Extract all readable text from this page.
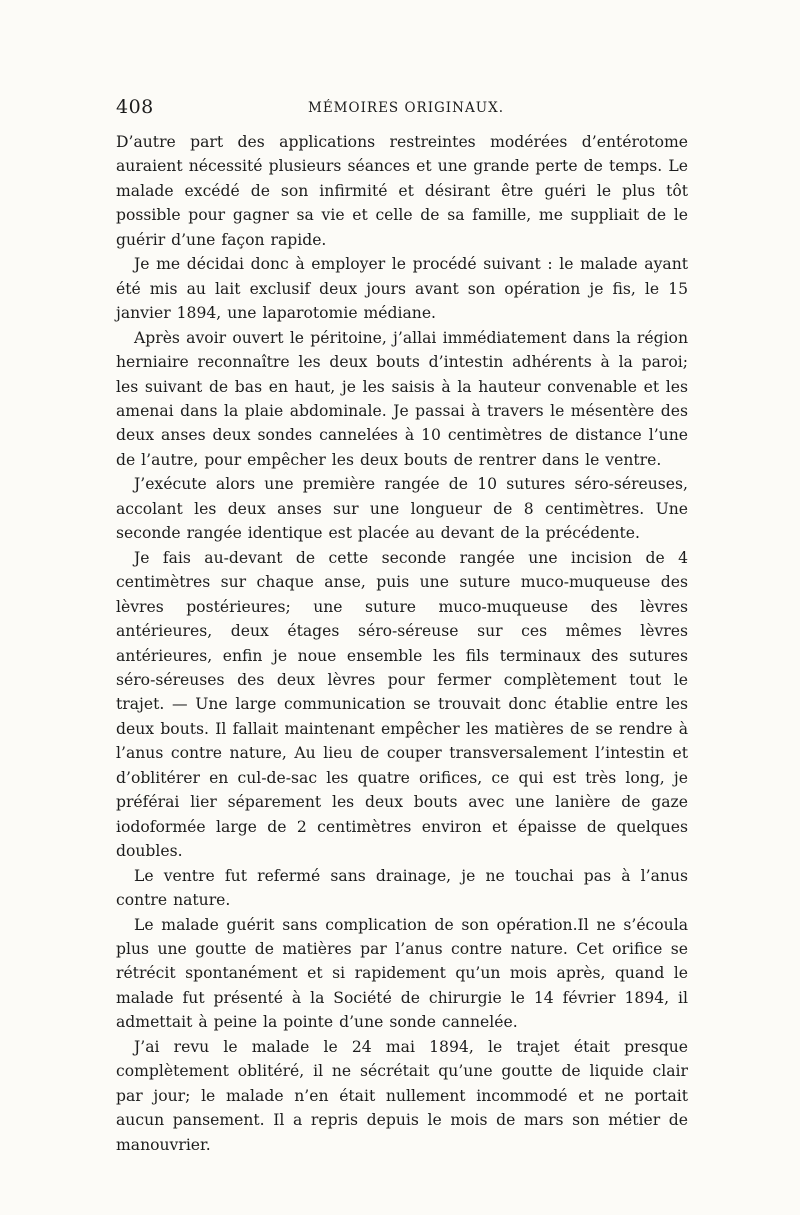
408	MÉMOIRES ORIGINAUX.

D’autre part des applications restreintes modérées d’entérotome auraient nécessité plusieurs séances et une grande perte de temps. Le malade excédé de son infirmité et désirant être guéri le plus tôt possible pour gagner sa vie et celle de sa famille, me suppliait de le guérir d’une façon rapide.

Je me décidai donc à employer le procédé suivant : le malade ayant été mis au lait exclusif deux jours avant son opération je fis, le 15 janvier 1894, une laparotomie médiane.

Après avoir ouvert le péritoine, j’allai immédiatement dans la région herniaire reconnaître les deux bouts d’intestin adhérents à la paroi; les suivant de bas en haut, je les saisis à la hauteur convenable et les amenai dans la plaie abdominale. Je passai à travers le mésentère des deux anses deux sondes cannelées à 10 centimètres de distance l’une de l’autre, pour empêcher les deux bouts de rentrer dans le ventre.

J’exécute alors une première rangée de 10 sutures séro-séreuses, accolant les deux anses sur une longueur de 8 centimètres. Une seconde rangée identique est placée au devant de la précédente.

Je fais au-devant de cette seconde rangée une incision de 4 centimètres sur chaque anse, puis une suture muco-muqueuse des lèvres postérieures; une suture muco-muqueuse des lèvres antérieures, deux étages séro-séreuse sur ces mêmes lèvres antérieures, enfin je noue ensemble les fils terminaux des sutures séro-séreuses des deux lèvres pour fermer complètement tout le trajet. — Une large communication se trouvait donc établie entre les deux bouts. Il fallait maintenant empêcher les matières de se rendre à l’anus contre nature, Au lieu de couper transversalement l’intestin et d’oblitérer en cul-de-sac les quatre orifices, ce qui est très long, je préférai lier séparement les deux bouts avec une lanière de gaze iodoformée large de 2 centimètres environ et épaisse de quelques doubles.

Le ventre fut refermé sans drainage, je ne touchai pas à l’anus contre nature.

Le malade guérit sans complication de son opération.Il ne s’écoula plus une goutte de matières par l’anus contre nature. Cet orifice se rétrécit spontanément et si rapidement qu’un mois après, quand le malade fut présenté à la Société de chirurgie le 14 février 1894, il admettait à peine la pointe d’une sonde cannelée.

J’ai revu le malade le 24 mai 1894, le trajet était presque complètement oblitéré, il ne sécrétait qu’une goutte de liquide clair par jour; le malade n’en était nullement incommodé et ne portait aucun pansement. Il a repris depuis le mois de mars son métier de manouvrier.
